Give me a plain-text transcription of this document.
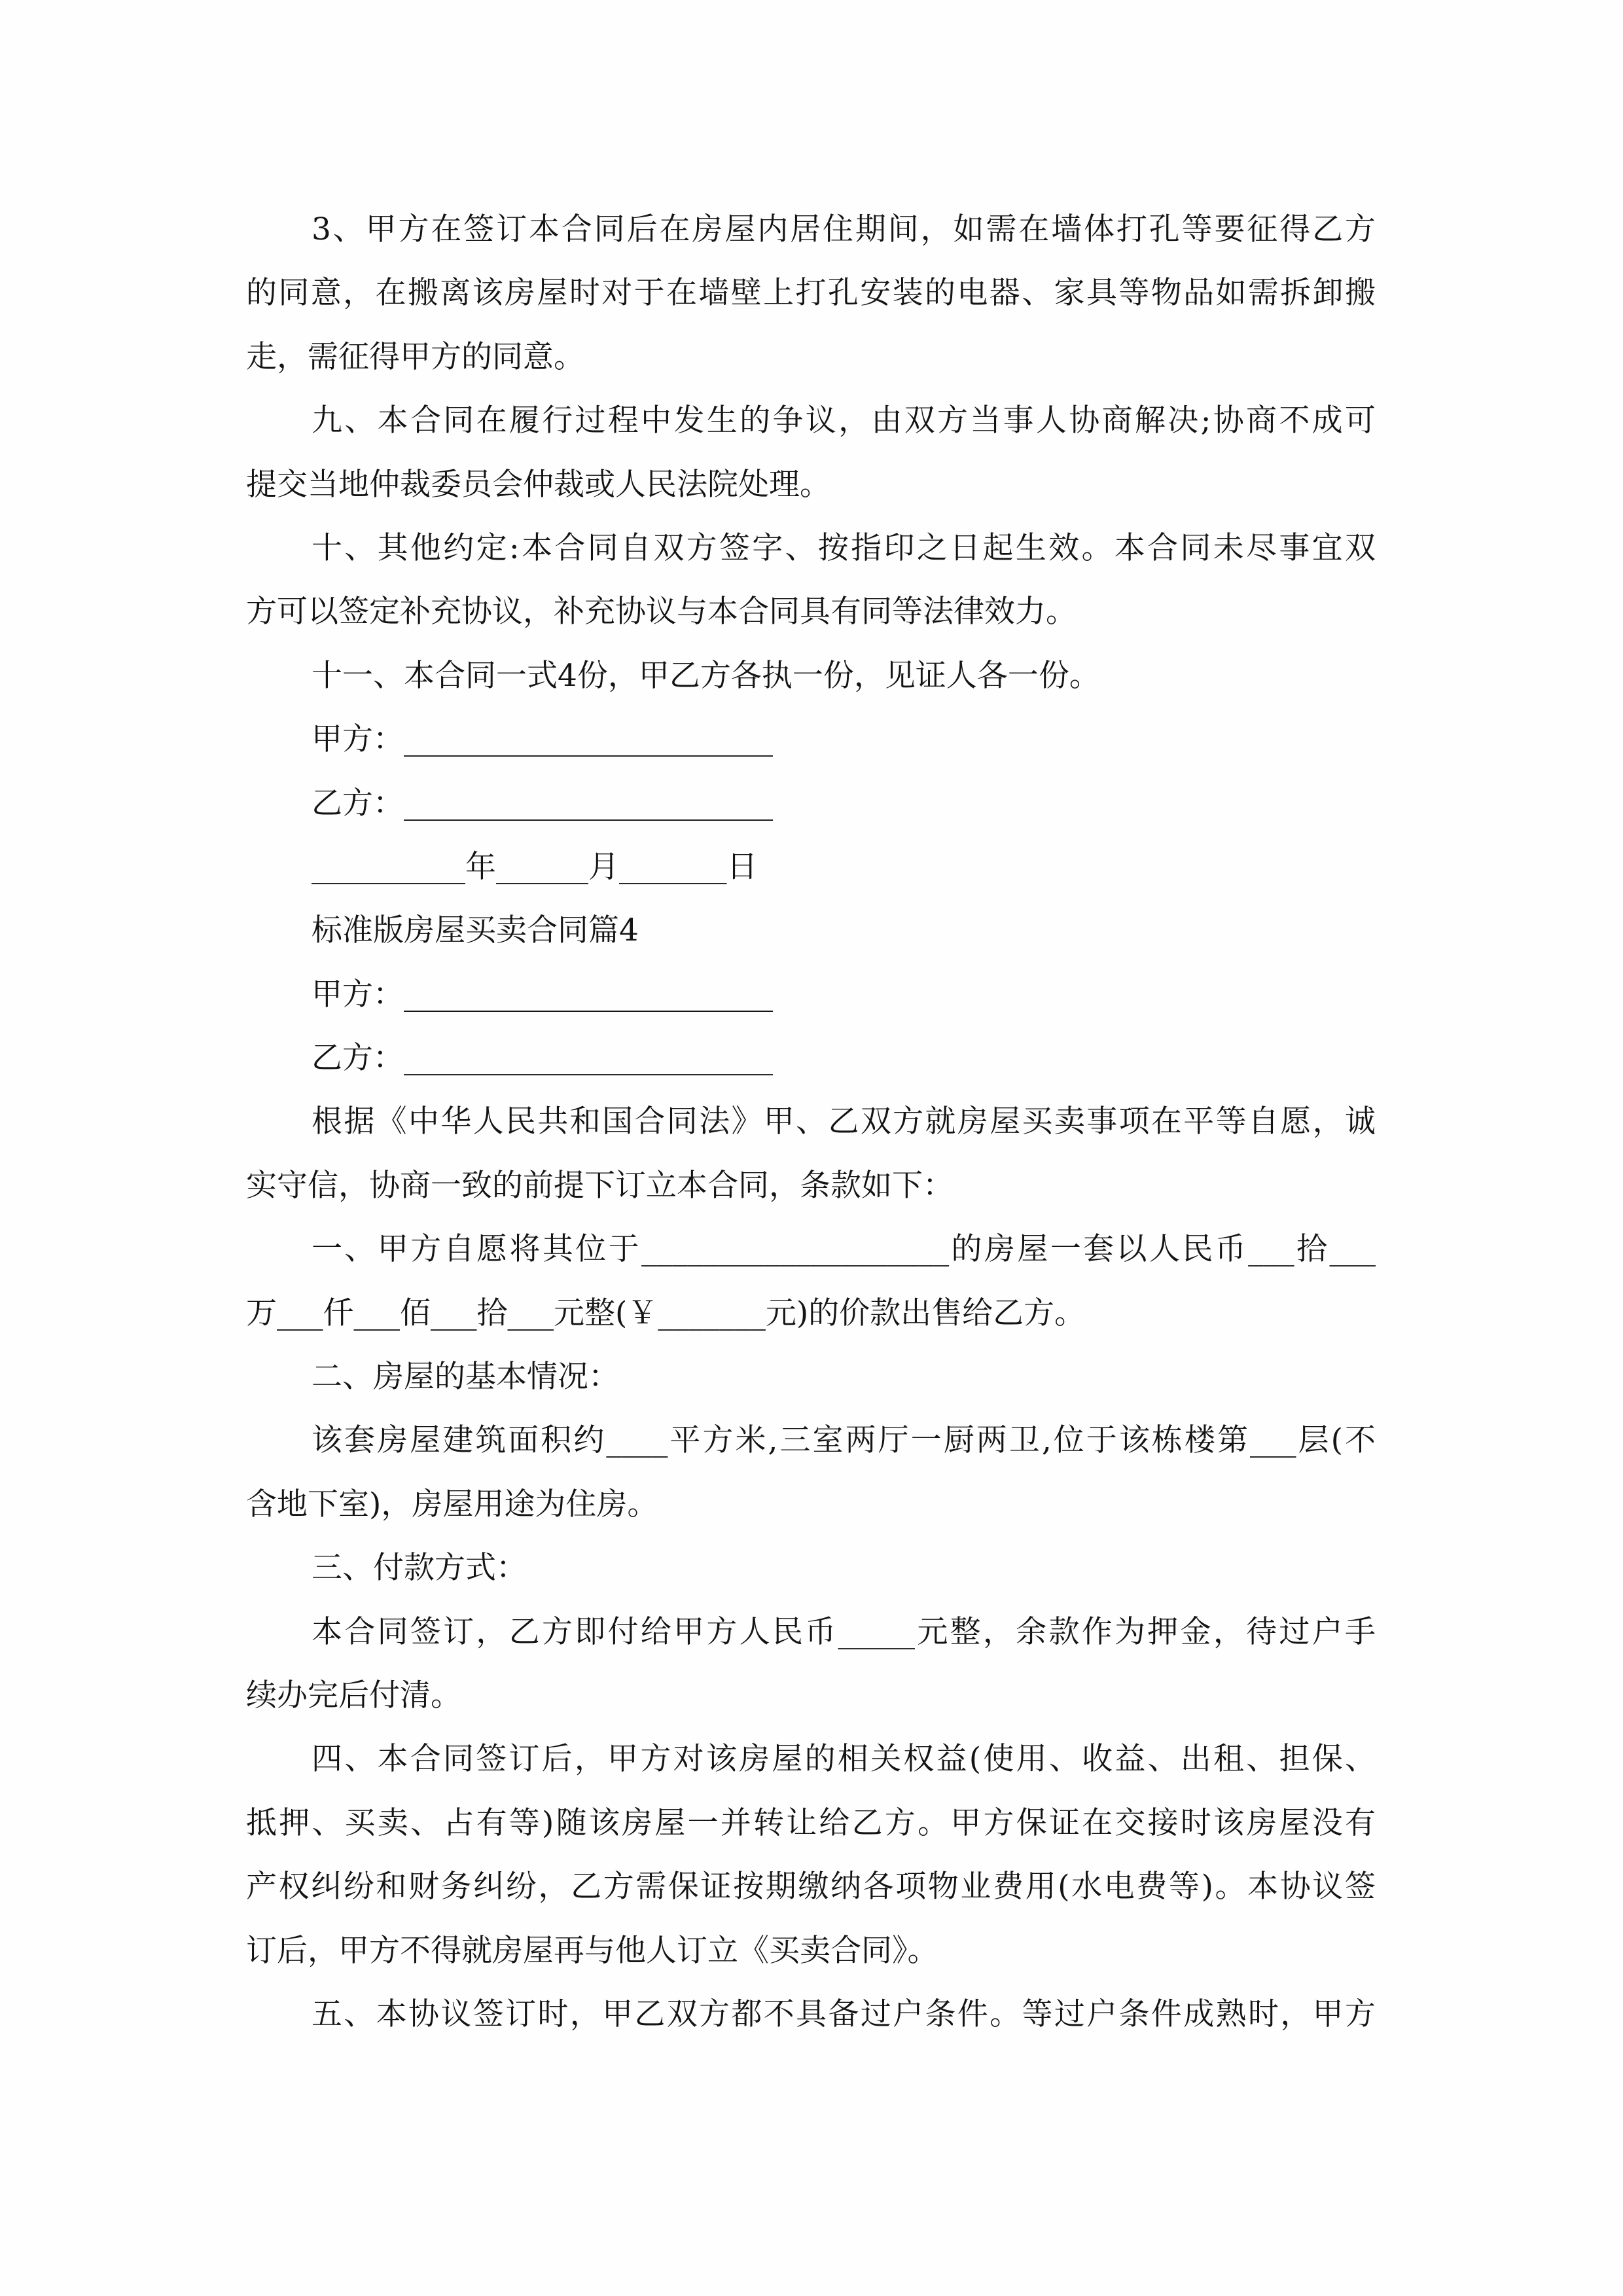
3、甲方在签订本合同后在房屋内居住期间，如需在墙体打孔等要征得乙方
的同意，在搬离该房屋时对于在墙壁上打孔安装的电器、家具等物品如需拆卸搬
走，需征得甲方的同意。
九、本合同在履行过程中发生的争议，由双方当事人协商解决;协商不成可
提交当地仲裁委员会仲裁或人民法院处理。
十、其他约定:本合同自双方签字、按指印之日起生效。本合同未尽事宜双
方可以签定补充协议，补充协议与本合同具有同等法律效力。
十一、本合同一式4份，甲乙方各执一份，见证人各一份。
甲方：________________________
乙方：________________________
__________年______月_______日
标准版房屋买卖合同篇4
甲方：________________________
乙方：________________________
根据《中华人民共和国合同法》甲、乙双方就房屋买卖事项在平等自愿，诚
实守信，协商一致的前提下订立本合同，条款如下：
一、甲方自愿将其位于____________________的房屋一套以人民币___拾___
万___仟___佰___拾___元整(￥_______元)的价款出售给乙方。
二、房屋的基本情况：
该套房屋建筑面积约____平方米,三室两厅一厨两卫,位于该栋楼第___层(不
含地下室)，房屋用途为住房。
三、付款方式：
本合同签订，乙方即付给甲方人民币_____元整，余款作为押金，待过户手
续办完后付清。
四、本合同签订后，甲方对该房屋的相关权益(使用、收益、出租、担保、
抵押、买卖、占有等)随该房屋一并转让给乙方。甲方保证在交接时该房屋没有
产权纠纷和财务纠纷，乙方需保证按期缴纳各项物业费用(水电费等)。本协议签
订后，甲方不得就房屋再与他人订立《买卖合同》。
五、本协议签订时，甲乙双方都不具备过户条件。等过户条件成熟时，甲方
